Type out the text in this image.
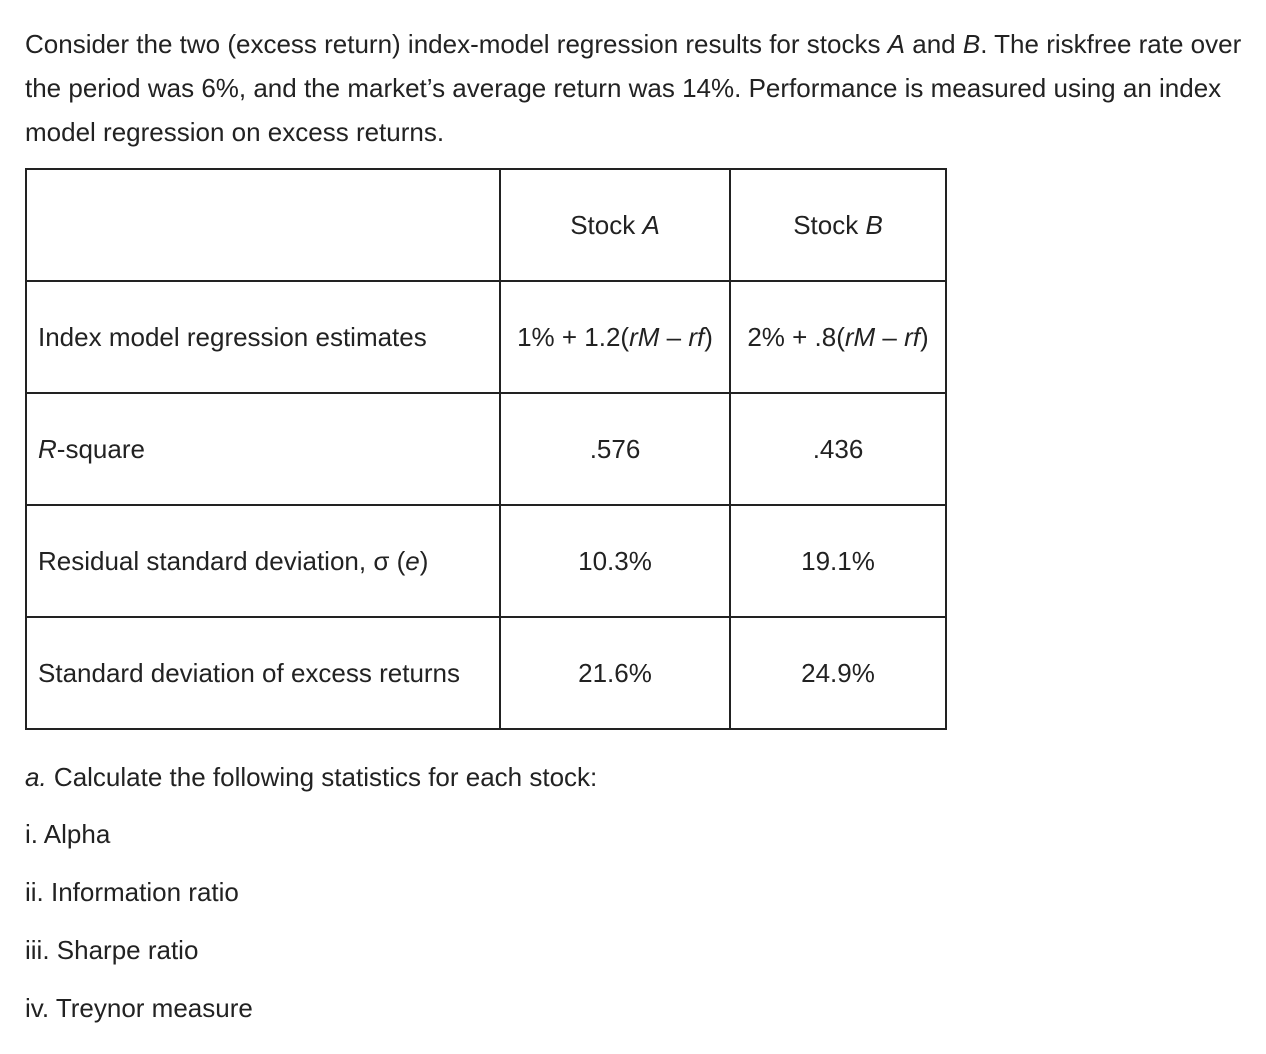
Consider the two (excess return) index-model regression results for stocks A and B. The riskfree rate over the period was 6%, and the market’s average return was 14%. Performance is measured using an index model regression on excess returns.

	Stock A	Stock B
Index model regression estimates	1% + 1.2(rM – rf)	2% + .8(rM – rf)
R-square	.576	.436
Residual standard deviation, σ (e)	10.3%	19.1%
Standard deviation of excess returns	21.6%	24.9%

a. Calculate the following statistics for each stock:

i. Alpha
ii. Information ratio
iii. Sharpe ratio
iv. Treynor measure
